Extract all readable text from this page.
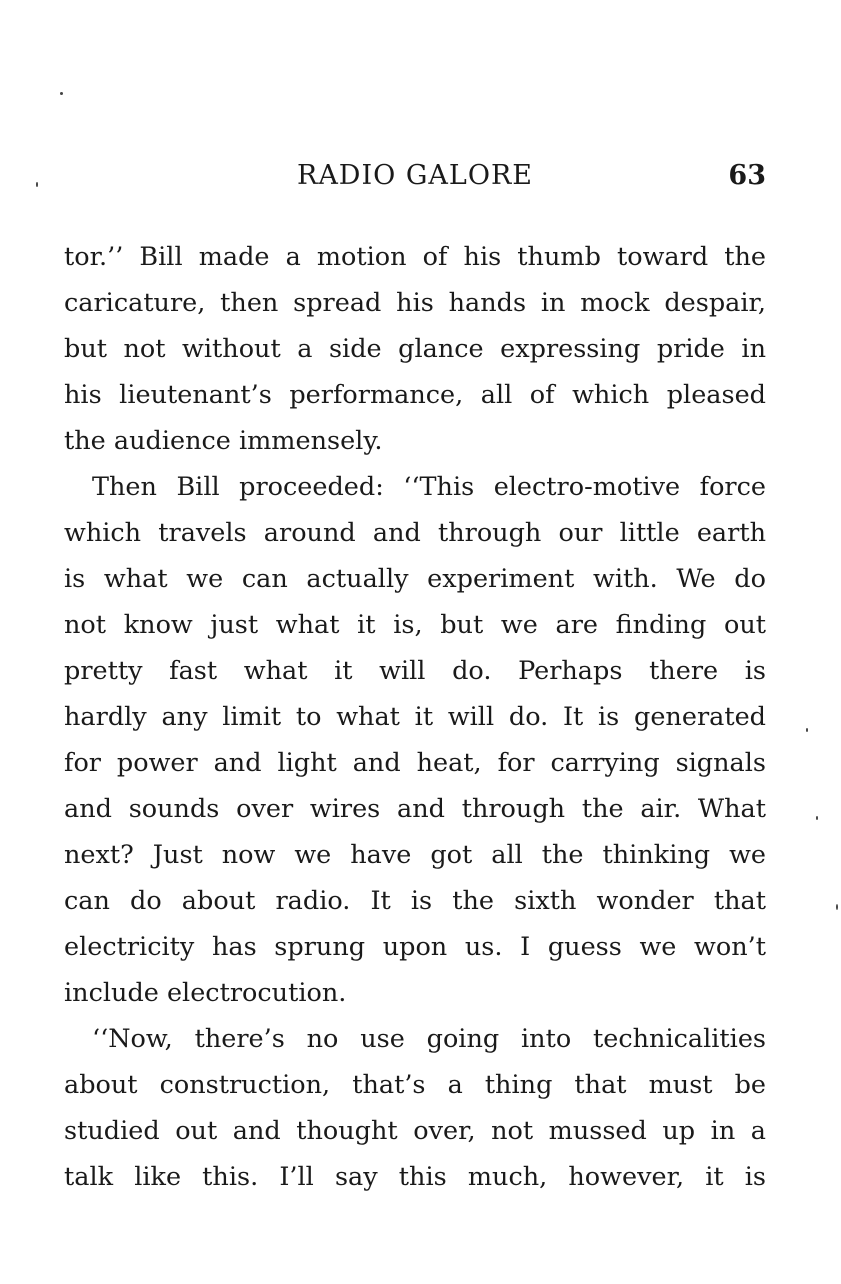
RADIO GALORE	63
tor.’’ Bill made a motion of his thumb toward the
caricature, then spread his hands in mock despair,
but not without a side glance expressing pride in
his lieutenant’s performance, all of which pleased
the audience immensely.
Then Bill proceeded: ‘‘This electro-motive force
which travels around and through our little earth
is what we can actually experiment with. We do
not know just what it is, but we are finding out
pretty fast what it will do. Perhaps there is
hardly any limit to what it will do. It is generated
for power and light and heat, for carrying signals
and sounds over wires and through the air. What
next? Just now we have got all the thinking we
can do about radio. It is the sixth wonder that
electricity has sprung upon us. I guess we won’t
include electrocution.
‘‘Now, there’s no use going into technicalities
about construction, that’s a thing that must be
studied out and thought over, not mussed up in a
talk like this. I’ll say this much, however, it is
